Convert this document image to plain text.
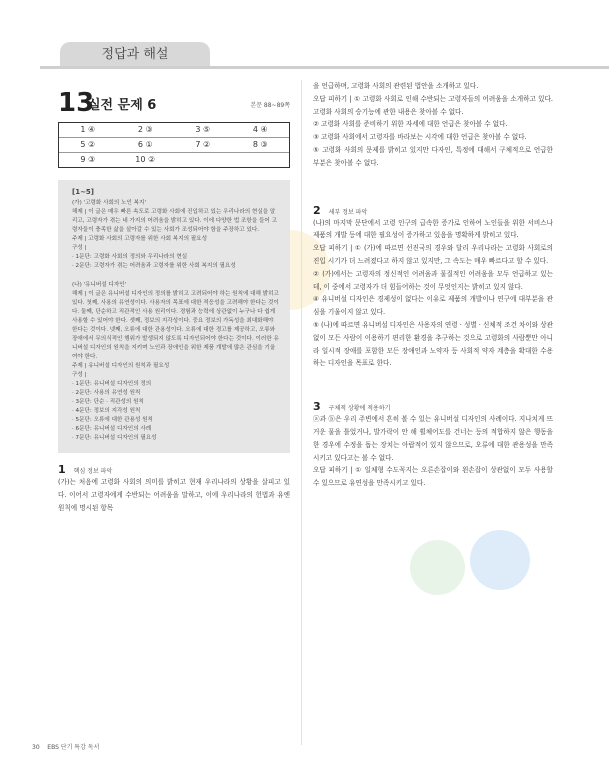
정답과 해설
13
실전 문제 6	본문 88~89쪽
1 ④	2 ③	3 ⑤	4 ④
5 ②	6 ①	7 ②	8 ③
9 ③	10 ②
[1~5]
(가) '고령화 사회의 노인 복지'
해제 | 이 글은 매우 빠른 속도로 고령화 사회에 진입하고 있는 우리나라의 현실을 알리고, 고령자가 겪는 네 가지의 어려움을 밝히고 있다. 이에 다양한 법 조항을 들어 고령자들이 충족한 삶을 살아갈 수 있는 사회가 조성되어야 함을 주장하고 있다.
주제 | 고령화 사회의 고령자를 위한 사회 복지의 필요성
구성 |
· 1문단: 고령화 사회의 정의와 우리나라의 현실
· 2문단: 고령자가 겪는 어려움과 고령자를 위한 사회 복지의 필요성
(나) '유니버설 디자인'
해제 | 이 글은 유니버설 디자인의 정의를 밝히고 고려되어야 하는 원칙에 대해 밝히고 있다. 첫째, 사용의 유연성이다. 사용자의 목표에 대한 적응성을 고려해야 한다는 것이다. 둘째, 단순하고 직관적인 사용 원리이다. 경험과 능력에 상관없이 누구나 다 쉽게 사용할 수 있어야 한다. 셋째, 정보의 지각성이다. 중요 정보의 가독성을 최대화해야 한다는 것이다. 넷째, 오류에 대한 관용성이다. 오류에 대한 경고를 제공하고, 오류와 장애에서 무의식적인 행위가 발생되지 않도록 디자인되어야 한다는 것이다. 이러한 유니버설 디자인의 원칙을 지키며 노인과 장애인을 위한 제품 개발에 많은 관심을 기울여야 한다.
주제 | 유니버설 디자인의 원칙과 필요성
구성 |
· 1문단: 유니버설 디자인의 정의
· 2문단: 사용의 유연성 원칙
· 3문단: 단순 · 직관성의 원칙
· 4문단: 정보의 지각성 원칙
· 5문단: 오류에 대한 관용성 원칙
· 6문단: 유니버설 디자인의 사례
· 7문단: 유니버설 디자인의 필요성
1 핵심 정보 파악

(가)는 처음에 고령화 사회의 의미를 밝히고 현재 우리나라의 상황을 살피고 있다. 이어서 고령자에게 수반되는 어려움을 말하고, 이에 우리나라의 헌법과 유엔 원칙에 명시된 항목

을 언급하며, 고령화 사회의 관련된 법안을 소개하고 있다.

오답 피하기 | ① 고령화 사회로 인해 수반되는 고령자들의 어려움을 소개하고 있다. 고령화 사회의 승기능에 관한 내용은 찾아볼 수 없다.

② 고령화 사회를 준비하기 위한 자세에 대한 언급은 찾아볼 수 없다.

③ 고령화 사회에서 고령자를 바라보는 시각에 대한 언급은 찾아볼 수 없다.

⑤ 고령화 사회의 문제를 밝히고 있지만 다자인, 특정에 대해서 구체적으로 언급한 부분은 찾아볼 수 없다.

2 세부 정보 파악

(나)의 마지막 문단에서 고령 인구의 급속한 증가로 인하여 노인들을 위한 서비스나 제품의 개발 등에 대한 필요성이 증가하고 있음을 명확하게 밝히고 있다.

오답 피하기 | ① (가)에 따르면 선진국의 경우와 달리 우리나라는 고령화 사회로의 진입 시기가 더 느려졌다고 하지 않고 있지만, 그 속도는 매우 빠르다고 할 수 있다.

② (가)에서는 고령자의 정신적인 어려움과 물질적인 어려움을 모두 언급하고 있는데, 이 중에서 고령자가 더 힘들어하는 것이 무엇인지는 밝히고 있지 않다.

④ 유니버설 디자인은 경제성이 없다는 이유로 제품의 개발이나 연구에 대부분을 관심을 기울이지 않고 있다.

⑤ (나)에 따르면 유니버설 디자인은 사용자의 연령 · 성별 · 신체적 조건 차이와 상관없이 모든 사람이 이용하기 편리한 환경을 추구하는 것으로 고령화의 사람뿐만 아니라 일시적 장애를 포함한 모든 장애인과 노약자 등 사회적 약자 계층을 확대한 수용하는 디자인을 목표로 한다.

3 구체적 상황에 적용하기

ⓐ과 ⓑ은 우리 주변에서 흔히 볼 수 있는 유니버설 디자인의 사례이다. 지나치게 뜨거운 물을 틀었거나, 발가락이 안 해 휠체어도를 건너는 등의 적합하지 않은 행동을 한 경우에 수정을 돕는 장치는 아랍적어 있지 않으므로, 오류에 대한 관용성을 만족시키고 있다고는 볼 수 없다.

오답 피하기 | ① 일체형 수도꼭지는 오른손잡이와 왼손잡이 상관없이 모두 사용할 수 있으므로 유연성을 만족시키고 있다.

30 EBS 단기 특강 독서
